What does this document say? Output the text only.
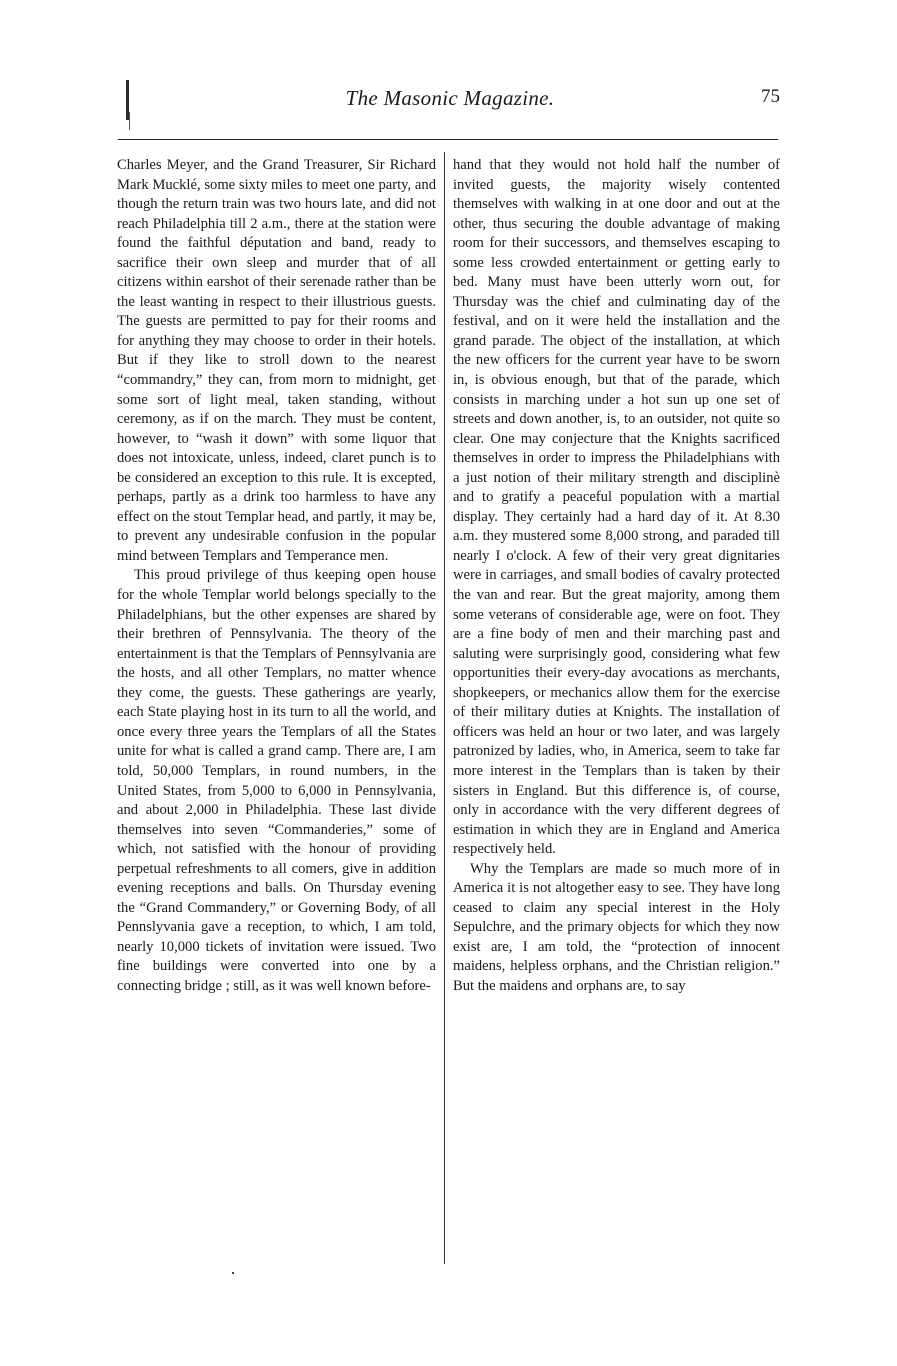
The Masonic Magazine.	75

Charles Meyer, and the Grand Treasurer, Sir Richard Mark Mucklé, some sixty miles to meet one party, and though the return train was two hours late, and did not reach Philadelphia till 2 a.m., there at the station were found the faithful députation and band, ready to sacrifice their own sleep and murder that of all citizens within earshot of their serenade rather than be the least wanting in respect to their illustrious guests. The guests are permitted to pay for their rooms and for anything they may choose to order in their hotels. But if they like to stroll down to the nearest “commandry,” they can, from morn to midnight, get some sort of light meal, taken standing, without ceremony, as if on the march. They must be content, however, to “wash it down” with some liquor that does not intoxicate, unless, indeed, claret punch is to be considered an exception to this rule. It is excepted, perhaps, partly as a drink too harmless to have any effect on the stout Templar head, and partly, it may be, to prevent any undesirable confusion in the popular mind between Templars and Temperance men.

This proud privilege of thus keeping open house for the whole Templar world belongs specially to the Philadelphians, but the other expenses are shared by their brethren of Pennsylvania. The theory of the entertainment is that the Templars of Pennsylvania are the hosts, and all other Templars, no matter whence they come, the guests. These gatherings are yearly, each State playing host in its turn to all the world, and once every three years the Templars of all the States unite for what is called a grand camp. There are, I am told, 50,000 Templars, in round numbers, in the United States, from 5,000 to 6,000 in Pennsylvania, and about 2,000 in Philadelphia. These last divide themselves into seven “Commanderies,” some of which, not satisfied with the honour of providing perpetual refreshments to all comers, give in addition evening receptions and balls. On Thursday evening the “Grand Commandery,” or Governing Body, of all Pennslyvania gave a reception, to which, I am told, nearly 10,000 tickets of invitation were issued. Two fine buildings were converted into one by a connecting bridge ; still, as it was well known before-

hand that they would not hold half the number of invited guests, the majority wisely contented themselves with walking in at one door and out at the other, thus securing the double advantage of making room for their successors, and themselves escaping to some less crowded entertainment or getting early to bed. Many must have been utterly worn out, for Thursday was the chief and culminating day of the festival, and on it were held the installation and the grand parade. The object of the installation, at which the new officers for the current year have to be sworn in, is obvious enough, but that of the parade, which consists in marching under a hot sun up one set of streets and down another, is, to an outsider, not quite so clear. One may conjecture that the Knights sacrificed themselves in order to impress the Philadelphians with a just notion of their military strength and disciplinè and to gratify a peaceful population with a martial display. They certainly had a hard day of it. At 8.30 a.m. they mustered some 8,000 strong, and paraded till nearly I o'clock. A few of their very great dignitaries were in carriages, and small bodies of cavalry protected the van and rear. But the great majority, among them some veterans of considerable age, were on foot. They are a fine body of men and their marching past and saluting were surprisingly good, considering what few opportunities their every-day avocations as merchants, shopkeepers, or mechanics allow them for the exercise of their military duties at Knights. The installation of officers was held an hour or two later, and was largely patronized by ladies, who, in America, seem to take far more interest in the Templars than is taken by their sisters in England. But this difference is, of course, only in accordance with the very different degrees of estimation in which they are in England and America respectively held.

Why the Templars are made so much more of in America it is not altogether easy to see. They have long ceased to claim any special interest in the Holy Sepulchre, and the primary objects for which they now exist are, I am told, the “protection of innocent maidens, helpless orphans, and the Christian religion.” But the maidens and orphans are, to say
